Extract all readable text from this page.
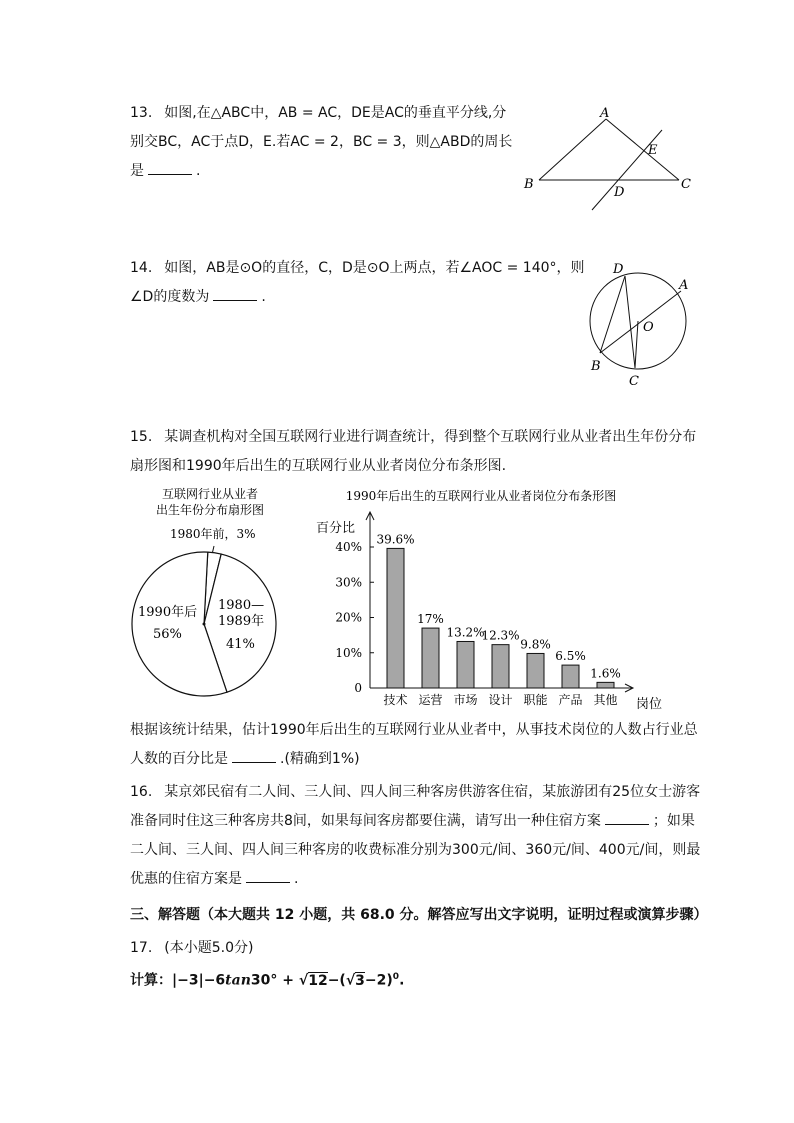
13. 如图,在△ABC中，AB = AC，DE是AC的垂直平分线,分
别交BC，AC于点D，E.若AC = 2，BC = 3，则△ABD的周长
是	.
A
B	C
D
E
14. 如图，AB是⊙O的直径，C，D是⊙O上两点，若∠AOC = 140°，则
∠D的度数为	.
D
A
O
B
C
15. 某调查机构对全国互联网行业进行调查统计，得到整个互联网行业从业者出生年份分布
扇形图和1990年后出生的互联网行业从业者岗位分布条形图.
互联网行业从业者
出生年份分布扇形图
1980年前，3%
1980—
1989年
41%
1990年后
56%
1990年后出生的互联网行业从业者岗位分布条形图
百分比
岗位
0
10%
20%
30%
40%
39.6%
技术
17%
运营
13.2%
市场
12.3%
设计
9.8%
职能
6.5%
产品
1.6%
其他
根据该统计结果，估计1990年后出生的互联网行业从业者中，从事技术岗位的人数占行业总
人数的百分比是	.(精确到1%)
16. 某京郊民宿有二人间、三人间、四人间三种客房供游客住宿，某旅游团有25位女士游客
准备同时住这三种客房共8间，如果每间客房都要住满，请写出一种住宿方案	；如果
二人间、三人间、四人间三种客房的收费标准分别为300元/间、360元/间、400元/间，则最
优惠的住宿方案是	.
三、解答题（本大题共 12 小题，共 68.0 分。解答应写出文字说明，证明过程或演算步骤）
17. (本小题5.0分)
计算：$|-3|-6\tan 30^\circ + √12-(√3-2)^0$.
